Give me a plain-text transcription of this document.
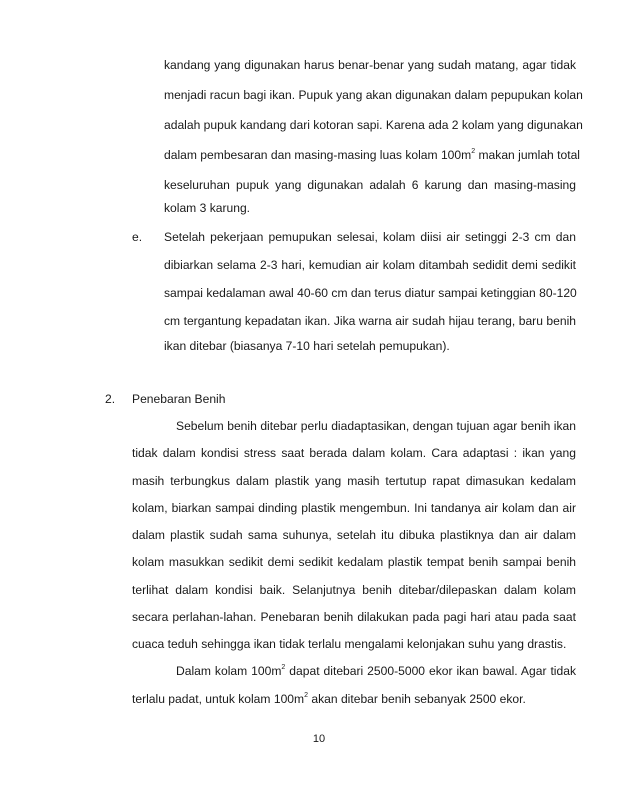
kandang yang digunakan harus benar-benar yang sudah matang, agar tidak
menjadi racun bagi ikan. Pupuk yang akan digunakan dalam pepupukan kolan
adalah pupuk kandang dari kotoran sapi. Karena ada 2 kolam yang digunakan
dalam pembesaran dan masing-masing luas kolam $100m^2$ makan jumlah total
keseluruhan pupuk yang digunakan adalah 6 karung dan masing-masing
kolam 3 karung.
e. Setelah pekerjaan pemupukan selesai, kolam diisi air setinggi 2-3 cm dan
dibiarkan selama 2-3 hari, kemudian air kolam ditambah sedidit demi sedikit
sampai kedalaman awal 40-60 cm dan terus diatur sampai ketinggian 80-120
cm tergantung kepadatan ikan. Jika warna air sudah hijau terang, baru benih
ikan ditebar (biasanya 7-10 hari setelah pemupukan).
2. Penebaran Benih
Sebelum benih ditebar perlu diadaptasikan, dengan tujuan agar benih ikan
tidak dalam kondisi stress saat berada dalam kolam. Cara adaptasi : ikan yang
masih terbungkus dalam plastik yang masih tertutup rapat dimasukan kedalam
kolam, biarkan sampai dinding plastik mengembun. Ini tandanya air kolam dan air
dalam plastik sudah sama suhunya, setelah itu dibuka plastiknya dan air dalam
kolam masukkan sedikit demi sedikit kedalam plastik tempat benih sampai benih
terlihat dalam kondisi baik. Selanjutnya benih ditebar/dilepaskan dalam kolam
secara perlahan-lahan. Penebaran benih dilakukan pada pagi hari atau pada saat
cuaca teduh sehingga ikan tidak terlalu mengalami kelonjakan suhu yang drastis.
Dalam kolam $100m^2$ dapat ditebari 2500-5000 ekor ikan bawal. Agar tidak
terlalu padat, untuk kolam $100m^2$ akan ditebar benih sebanyak 2500 ekor.
10
